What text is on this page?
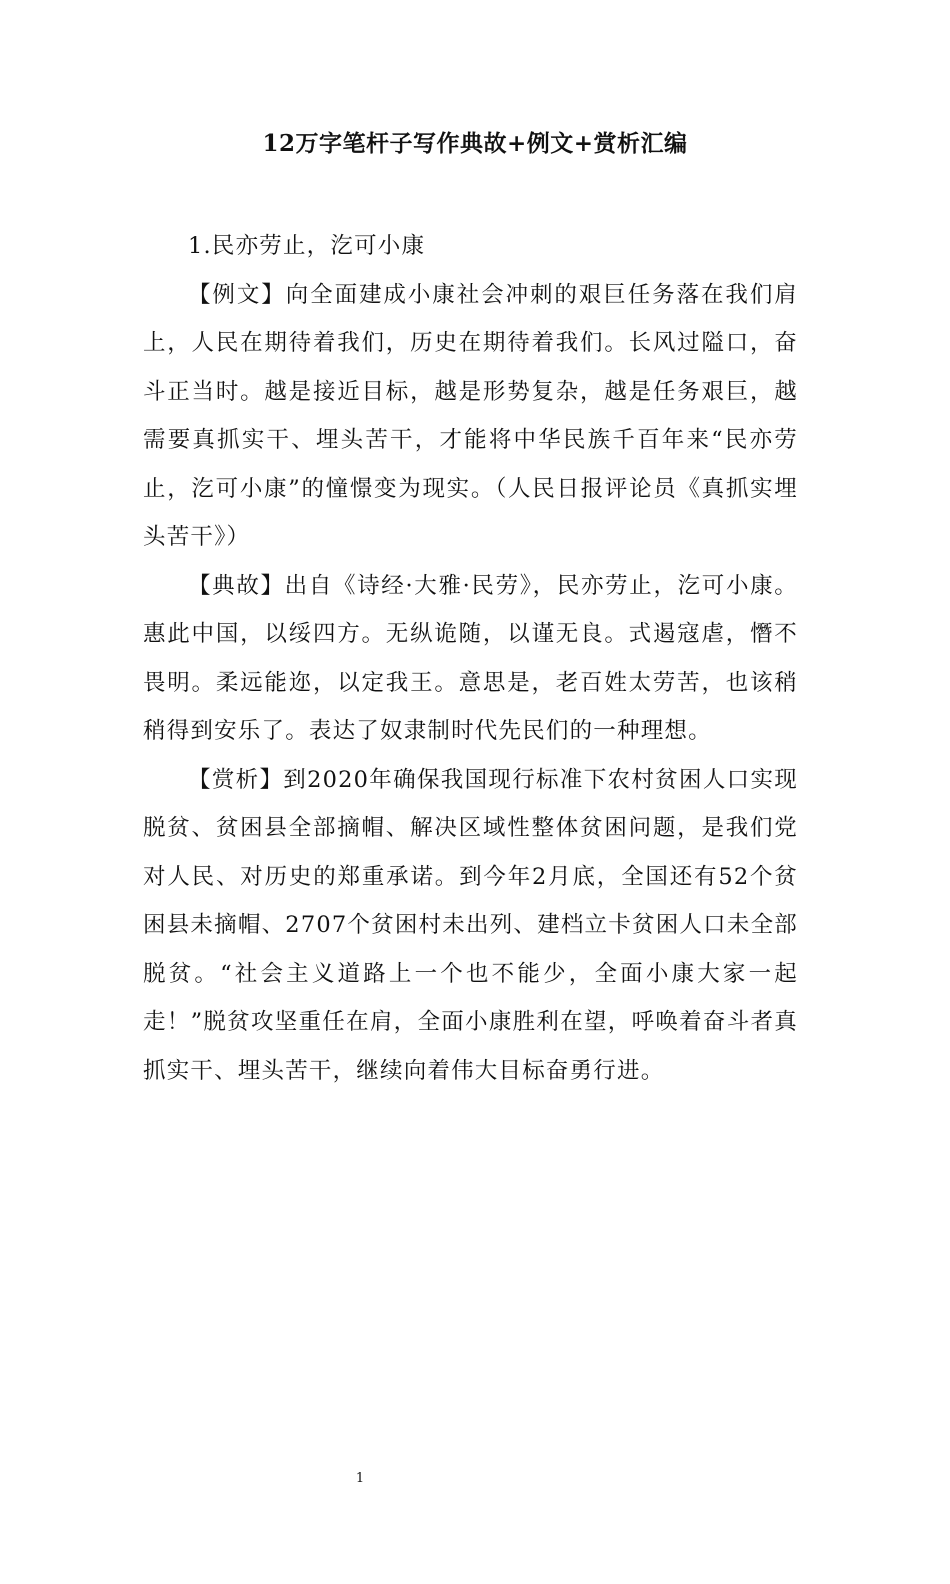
12万字笔杆子写作典故+例文+赏析汇编

1.民亦劳止，汔可小康

【例文】向全面建成小康社会冲刺的艰巨任务落在我们肩上，人民在期待着我们，历史在期待着我们。长风过隘口，奋斗正当时。越是接近目标，越是形势复杂，越是任务艰巨，越需要真抓实干、埋头苦干，才能将中华民族千百年来“民亦劳止，汔可小康”的憧憬变为现实。（人民日报评论员《真抓实埋头苦干》）

【典故】出自《诗经·大雅·民劳》，民亦劳止，汔可小康。惠此中国，以绥四方。无纵诡随，以谨无良。式遏寇虐，憯不畏明。柔远能迩，以定我王。意思是，老百姓太劳苦，也该稍稍得到安乐了。表达了奴隶制时代先民们的一种理想。

【赏析】到2020年确保我国现行标准下农村贫困人口实现脱贫、贫困县全部摘帽、解决区域性整体贫困问题，是我们党对人民、对历史的郑重承诺。到今年2月底，全国还有52个贫困县未摘帽、2707个贫困村未出列、建档立卡贫困人口未全部脱贫。“社会主义道路上一个也不能少，全面小康大家一起走！”脱贫攻坚重任在肩，全面小康胜利在望，呼唤着奋斗者真抓实干、埋头苦干，继续向着伟大目标奋勇行进。

1
